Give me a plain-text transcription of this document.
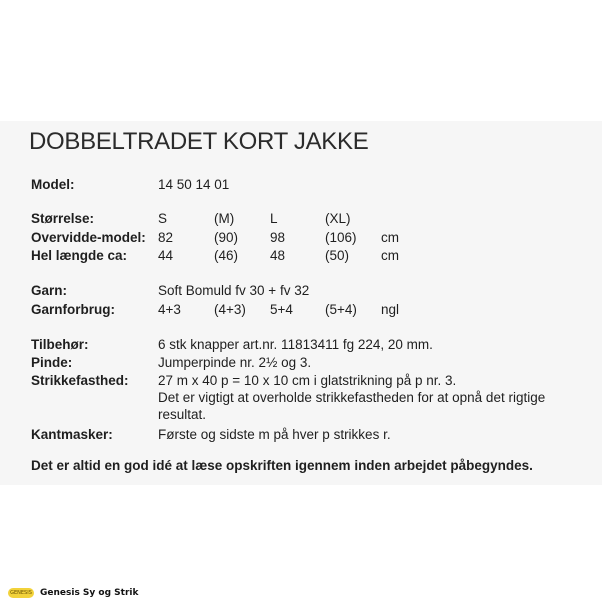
DOBBELTRADET KORT JAKKE
Model:	14 50 14 01
Størrelse:	S	(M)	L	(XL)
Overvidde-model: 82	(90) 98	(106) cm
Hel længde ca: 44	(46) 48	(50) cm
Garn:	Soft Bomuld fv 30 + fv 32
Garnforbrug:	4+3 (4+3) 5+4 (5+4) ngl
Tilbehør:	6 stk knapper art.nr. 11813411 fg 224, 20 mm.
Pinde:	Jumperpinde nr. 2½ og 3.
Strikkefasthed: 27 m x 40 p = 10 x 10 cm i glatstrikning på p nr. 3.
Det er vigtigt at overholde strikkefastheden for at opnå det rigtige
resultat.
Kantmasker:	Første og sidste m på hver p strikkes r.
Det er altid en god idé at læse opskriften igennem inden arbejdet påbegyndes.
GENESIS Genesis Sy og Strik
